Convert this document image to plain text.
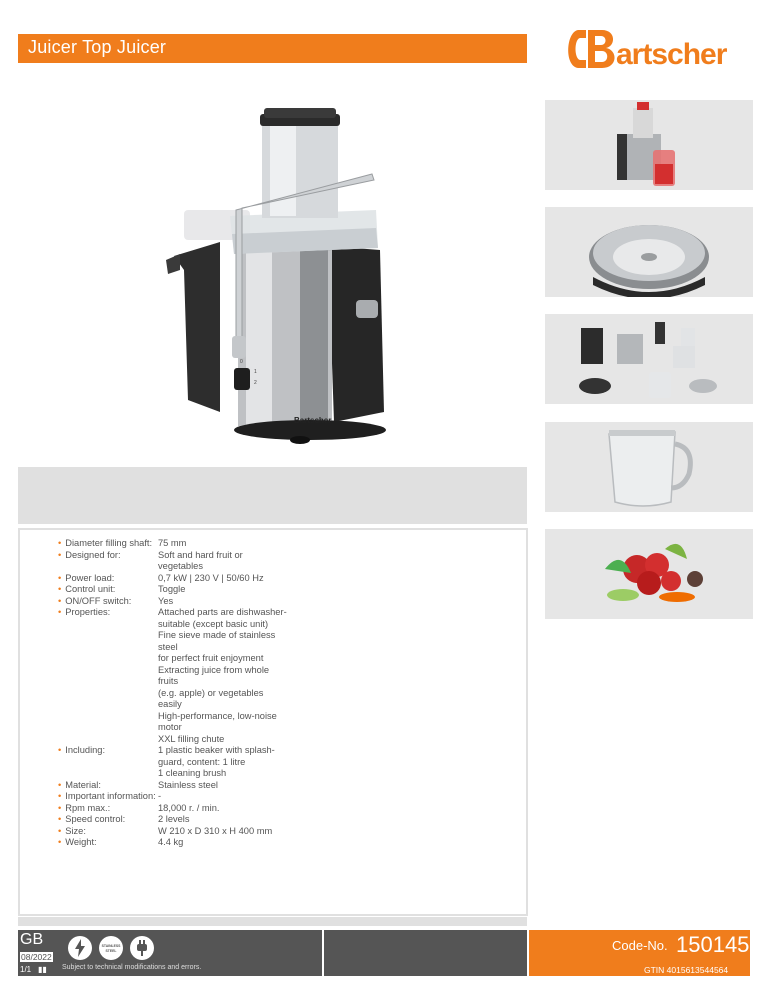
Juicer Top Juicer	artscher
0
1
2
Bartscher
• Diameter filling shaft: 75 mm
• Designed for:	Soft and hard fruit or vegetables
• Power load:	0,7 kW | 230 V | 50/60 Hz
• Control unit:	Toggle
• ON/OFF switch:	Yes
• Properties:	Attached parts are dishwasher-
suitable (except basic unit)
Fine sieve made of stainless steel
for perfect fruit enjoyment
Extracting juice from whole fruits
(e.g. apple) or vegetables easily
High-performance, low-noise
motor
XXL filling chute
• Including:	1 plastic beaker with splash-
guard, content: 1 litre
1 cleaning brush
• Material:	Stainless steel
• Important information: -
• Rpm max.:	18,000 r. / min.
• Speed control:	2 levels
• Size:	W 210 x D 310 x H 400 mm
• Weight:	4.4 kg
GB
08/2022
1/1 ▮▮
STAINLESS
STEEL
Subject to technical modifications and errors.
Code-No. 150145
GTIN 4015613544564
